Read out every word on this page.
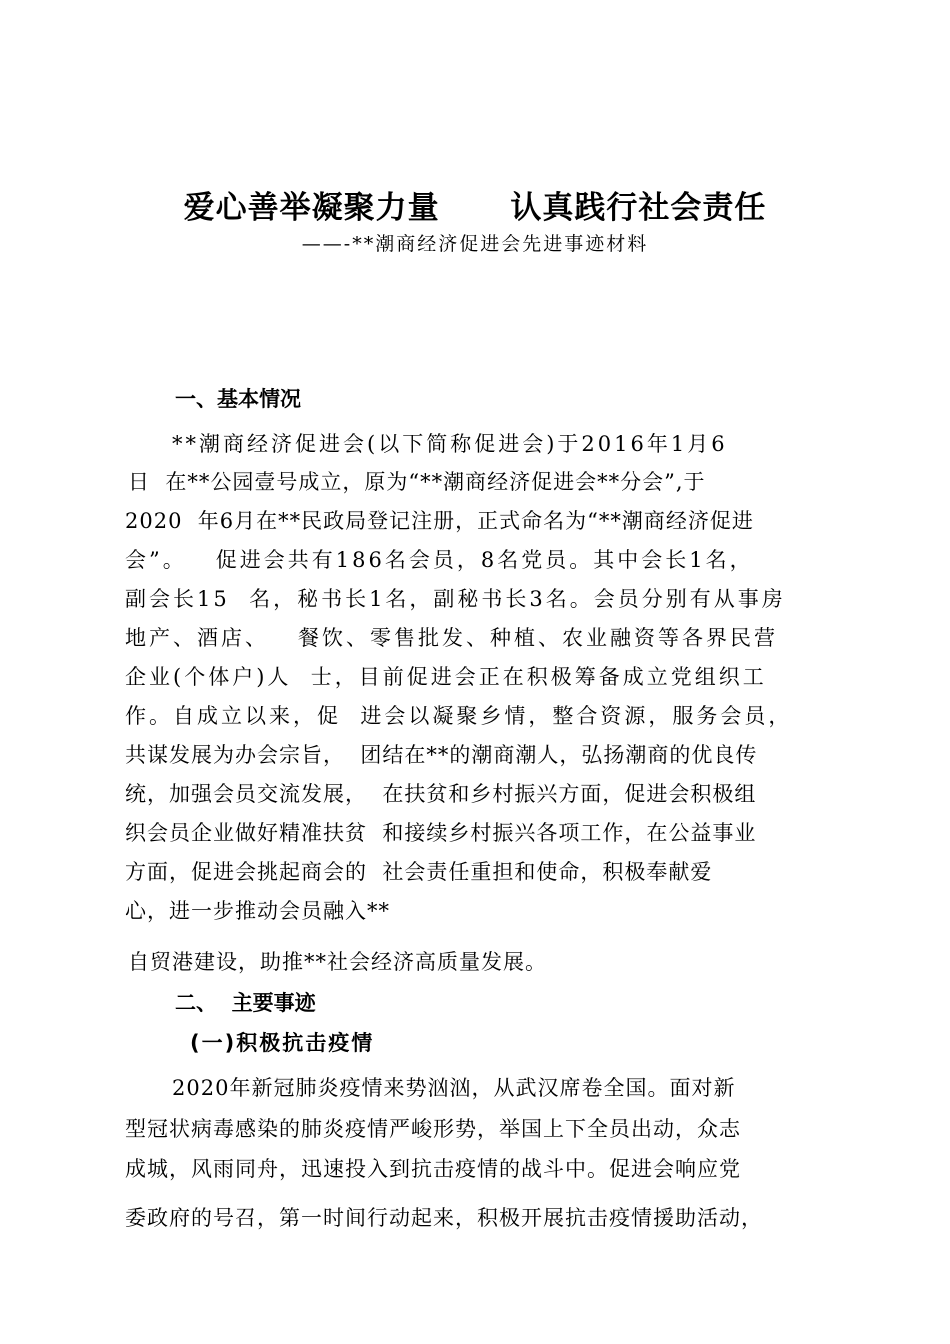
爱心善举凝聚力量      认真践行社会责任
——-**潮商经济促进会先进事迹材料
一、基本情况
**潮商经济促进会(以下简称促进会)于2016年1月6
日  在**公园壹号成立，原为“**潮商经济促进会**分会”,于
2020  年6月在**民政局登记注册，正式命名为“**潮商经济促进
会”。   促进会共有186名会员，8名党员。其中会长1名，
副会长15  名，秘书长1名，副秘书长3名。会员分别有从事房
地产、酒店、   餐饮、零售批发、种植、农业融资等各界民营
企业(个体户)人  士，目前促进会正在积极筹备成立党组织工
作。自成立以来，促  进会以凝聚乡情，整合资源，服务会员，
共谋发展为办会宗旨，  团结在**的潮商潮人，弘扬潮商的优良传
统，加强会员交流发展，  在扶贫和乡村振兴方面，促进会积极组
织会员企业做好精准扶贫  和接续乡村振兴各项工作，在公益事业
方面，促进会挑起商会的  社会责任重担和使命，积极奉献爱
心，进一步推动会员融入**
自贸港建设，助推**社会经济高质量发展。
二、  主要事迹
(一)积极抗击疫情
2020年新冠肺炎疫情来势汹汹，从武汉席卷全国。面对新
型冠状病毒感染的肺炎疫情严峻形势，举国上下全员出动，众志
成城，风雨同舟，迅速投入到抗击疫情的战斗中。促进会响应党
委政府的号召，第一时间行动起来，积极开展抗击疫情援助活动，
